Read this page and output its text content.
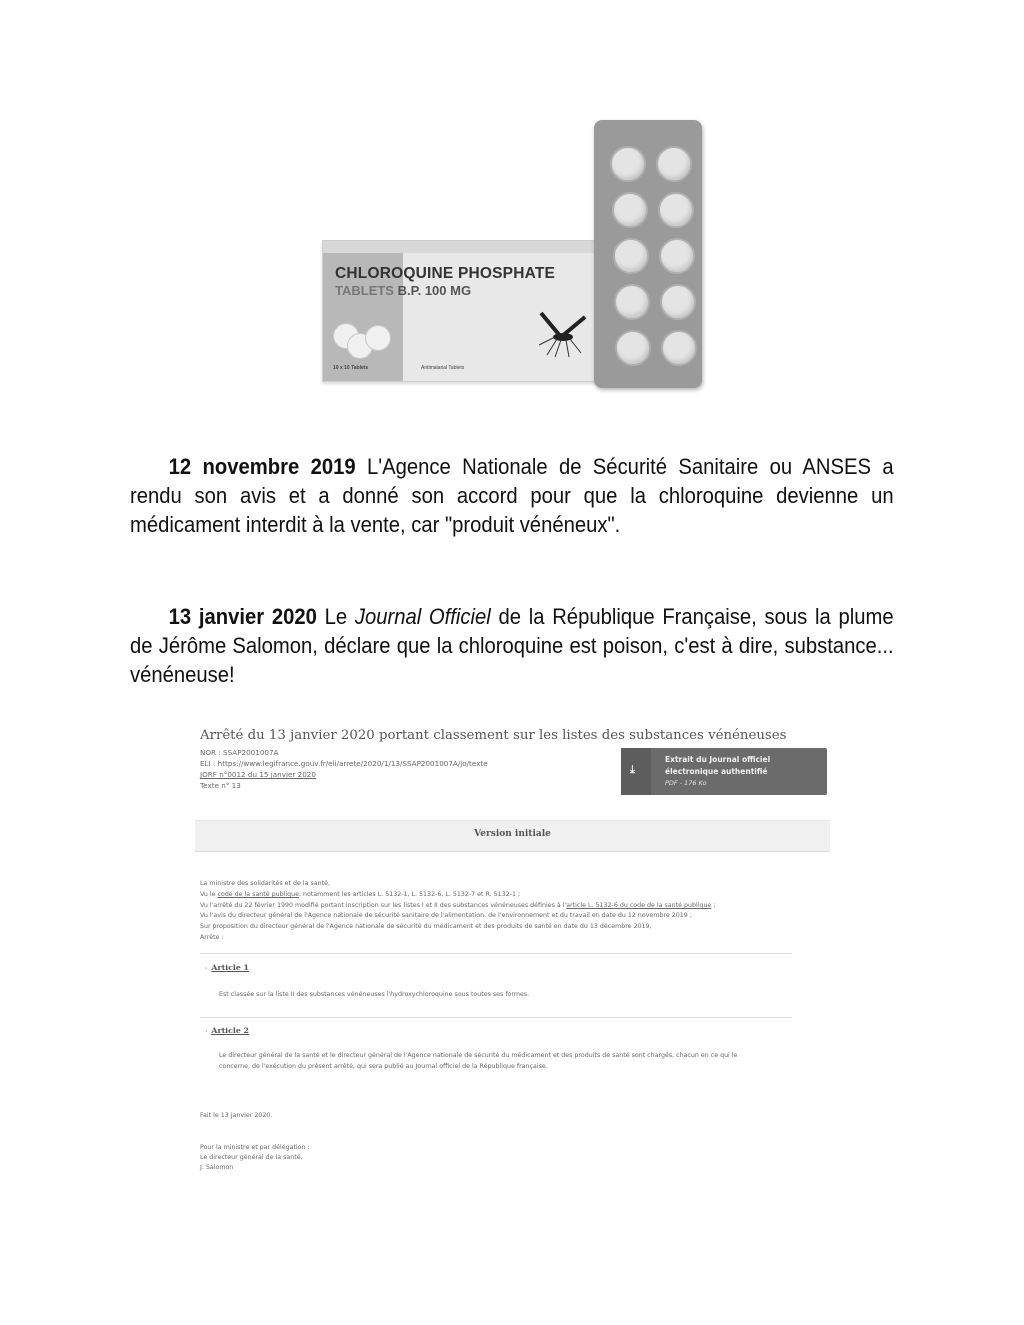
CHLOROQUINE PHOSPHATE
TABLETS B.P. 100 MG
10 x 10 Tablets	Antimalarial Tablets

12 novembre 2019 L'Agence Nationale de Sécurité Sanitaire ou ANSES a rendu son avis et a donné son accord pour que la chloroquine devienne un médicament interdit à la vente, car "produit vénéneux".

13 janvier 2020 Le Journal Officiel de la République Française, sous la plume de Jérôme Salomon, déclare que la chloroquine est poison, c'est à dire, substance... vénéneuse!

Arrêté du 13 janvier 2020 portant classement sur les listes des substances vénéneuses
NOR : SSAP2001007A
ELI : https://www.legifrance.gouv.fr/eli/arrete/2020/1/13/SSAP2001007A/jo/texte
JORF n°0012 du 15 janvier 2020
Texte n° 13
⤓
Extrait du Journal officiel
électronique authentifié
PDF - 176 Ko
Version initiale
La ministre des solidarités et de la santé,
Vu le code de la santé publique, notamment les articles L. 5132-1, L. 5132-6, L. 5132-7 et R. 5132-1 ;
Vu l'arrêté du 22 février 1990 modifié portant inscription sur les listes I et II des substances vénéneuses définies à l'article L. 5132-6 du code de la santé publique ;
Vu l'avis du directeur général de l'Agence nationale de sécurité sanitaire de l'alimentation, de l'environnement et du travail en date du 12 novembre 2019 ;
Sur proposition du directeur général de l'Agence nationale de sécurité du médicament et des produits de santé en date du 13 décembre 2019,
Arrête :
› Article 1
Est classée sur la liste II des substances vénéneuses l'hydroxychloroquine sous toutes ses formes.
› Article 2
Le directeur général de la santé et le directeur général de l'Agence nationale de sécurité du médicament et des produits de santé sont chargés, chacun en ce qui le
concerne, de l'exécution du présent arrêté, qui sera publié au Journal officiel de la République française.
Fait le 13 janvier 2020.
Pour la ministre et par délégation :
Le directeur général de la santé,
J. Salomon
